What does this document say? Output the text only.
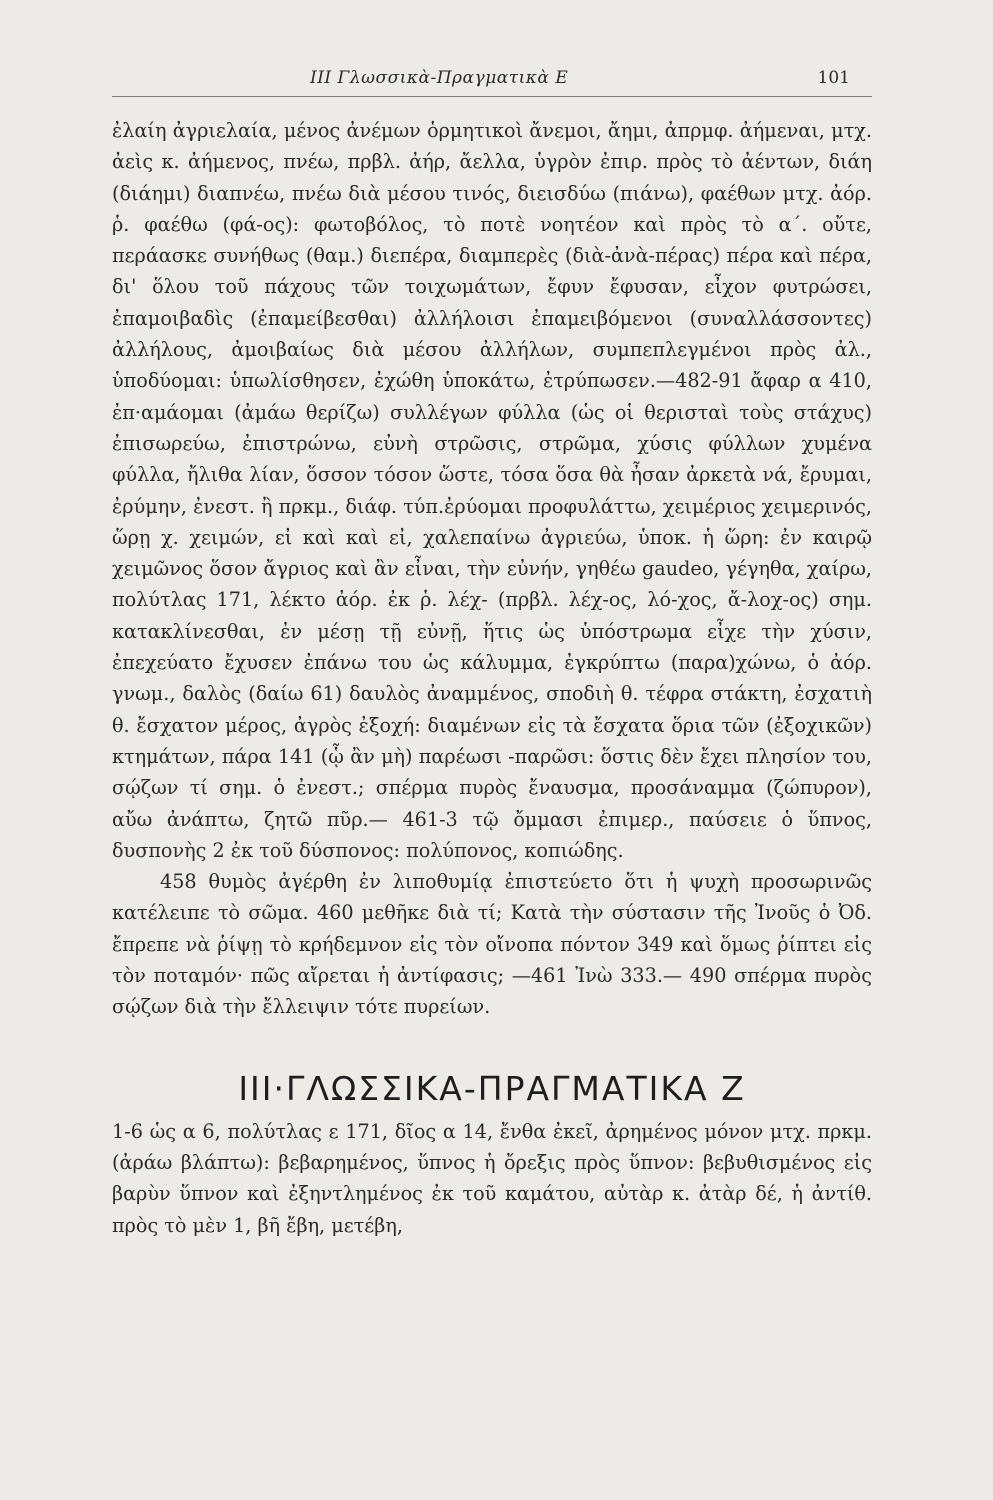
III Γλωσσικὰ-Πραγματικὰ Ε	101

ἐλαίη ἀγριελαία, μένος ἀνέμων ὁρμητικοὶ ἄνεμοι, ἄημι, ἀπρμφ. ἀήμεναι, μτχ. ἀεὶς κ. ἀήμενος, πνέω, πρβλ. ἀήρ, ἄελλα, ὑγρὸν ἐπιρ. πρὸς τὸ ἀέντων, διάη (διάημι) διαπνέω, πνέω διὰ μέσου τινός, διεισδύω (πιάνω), φαέθων μτχ. ἀόρ. ῥ. φαέθω (φά-ος): φωτοβόλος, τὸ ποτὲ νοητέον καὶ πρὸς τὸ α΄. οὔτε, περάασκε συνήθως (θαμ.) διεπέρα, διαμπερὲς (διὰ-ἀνὰ-πέρας) πέρα καὶ πέρα, δι' ὅλου τοῦ πάχους τῶν τοιχωμάτων, ἔφυν ἔφυσαν, εἶχον φυτρώσει, ἐπαμοιβαδὶς (ἐπαμείβεσθαι) ἀλλήλοισι ἐπαμειβόμενοι (συναλλάσσοντες) ἀλλήλους, ἀμοιβαίως διὰ μέσου ἀλλήλων, συμπεπλεγμένοι πρὸς ἀλ., ὑποδύομαι: ὑπωλίσθησεν, ἐχώθη ὑποκάτω, ἐτρύπωσεν.—482-91 ἄφαρ α 410, ἐπ·αμάομαι (ἀμάω θερίζω) συλλέγων φύλλα (ὡς οἱ θερισταὶ τοὺς στάχυς) ἐπισωρεύω, ἐπιστρώνω, εὐνὴ στρῶσις, στρῶμα, χύσις φύλλων χυμένα φύλλα, ἤλιθα λίαν, ὅσσον τόσον ὥστε, τόσα ὅσα θὰ ἦσαν ἀρκετὰ νά, ἔρυμαι, ἐρύμην, ἐνεστ. ἢ πρκμ., διάφ. τύπ.ἐρύομαι προφυλάττω, χειμέριος χειμερινός, ὥρῃ χ. χειμών, εἰ καὶ καὶ εἰ, χαλεπαίνω ἀγριεύω, ὑποκ. ἡ ὥρη: ἐν καιρῷ χειμῶνος ὅσον ἄγριος καὶ ἂν εἶναι, τὴν εὐνήν, γηθέω gaudeo, γέγηθα, χαίρω, πολύτλας 171, λέκτο ἀόρ. ἐκ ῥ. λέχ- (πρβλ. λέχ-ος, λό-χος, ἄ-λοχ-ος) σημ. κατακλίνεσθαι, ἐν μέσῃ τῇ εὐνῇ, ἥτις ὡς ὑπόστρωμα εἶχε τὴν χύσιν, ἐπεχεύατο ἔχυσεν ἐπάνω του ὡς κάλυμμα, ἐγκρύπτω (παρα)χώνω, ὁ ἀόρ. γνωμ., δαλὸς (δαίω 61) δαυλὸς ἀναμμένος, σποδιὴ θ. τέφρα στάκτη, ἐσχατιὴ θ. ἔσχατον μέρος, ἀγρὸς ἐξοχή: διαμένων εἰς τὰ ἔσχατα ὅρια τῶν (ἐξοχικῶν) κτημάτων, πάρα 141 (ᾧ ἂν μὴ) παρέωσι -παρῶσι: ὅστις δὲν ἔχει πλησίον του, σῴζων τί σημ. ὁ ἐνεστ.; σπέρμα πυρὸς ἔναυσμα, προσάναμμα (ζώπυρον), αὔω ἀνάπτω, ζητῶ πῦρ.— 461-3 τῷ ὄμμασι ἐπιμερ., παύσειε ὁ ὕπνος, δυσπονὴς 2 ἐκ τοῦ δύσπονος: πολύπονος, κοπιώδης.

458 θυμὸς ἀγέρθη ἐν λιποθυμίᾳ ἐπιστεύετο ὅτι ἡ ψυχὴ προσωρινῶς κατέλειπε τὸ σῶμα. 460 μεθῆκε διὰ τί; Κατὰ τὴν σύστασιν τῆς Ἰνοῦς ὁ Ὀδ. ἔπρεπε νὰ ῥίψῃ τὸ κρήδεμνον εἰς τὸν οἴνοπα πόντον 349 καὶ ὅμως ῥίπτει εἰς τὸν ποταμόν· πῶς αἴρεται ἡ ἀντίφασις; —461 Ἰνὼ 333.— 490 σπέρμα πυρὸς σῴζων διὰ τὴν ἔλλειψιν τότε πυρείων.

ΙΙΙ·ΓΛΩΣΣΙΚΑ-ΠΡΑΓΜΑΤΙΚΑ Ζ

1-6 ὡς α 6, πολύτλας ε 171, δῖος α 14, ἔνθα ἐκεῖ, ἀρημένος μόνον μτχ. πρκμ. (ἀράω βλάπτω): βεβαρημένος, ὕπνος ἡ ὄρεξις πρὸς ὕπνον: βεβυθισμένος εἰς βαρὺν ὕπνον καὶ ἐξηντλημένος ἐκ τοῦ καμάτου, αὐτὰρ κ. ἀτὰρ δέ, ἡ ἀντίθ. πρὸς τὸ μὲν 1, βῆ ἔβη, μετέβη,
